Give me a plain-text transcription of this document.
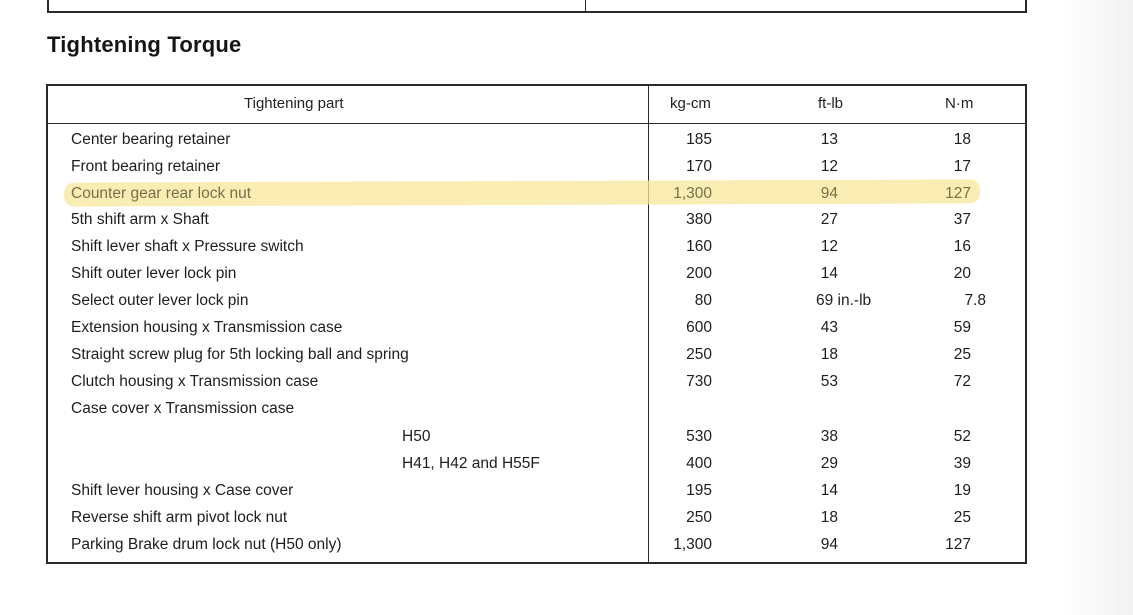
Tightening Torque
Tightening part	kg-cm	ft-lb	N·m
Center bearing retainer	185	13	18
Front bearing retainer	170	12	17
Counter gear rear lock nut	1,300	94	127
5th shift arm x Shaft	380	27	37
Shift lever shaft x Pressure switch	160	12	16
Shift outer lever lock pin	200	14	20
Select outer lever lock pin	80	69 in.-lb	7.8
Extension housing x Transmission case	600	43	59
Straight screw plug for 5th locking ball and spring	250	18	25
Clutch housing x Transmission case	730	53	72
Case cover x Transmission case
H50	530	38	52
H41, H42 and H55F	400	29	39
Shift lever housing x Case cover	195	14	19
Reverse shift arm pivot lock nut	250	18	25
Parking Brake drum lock nut (H50 only)	1,300	94	127
